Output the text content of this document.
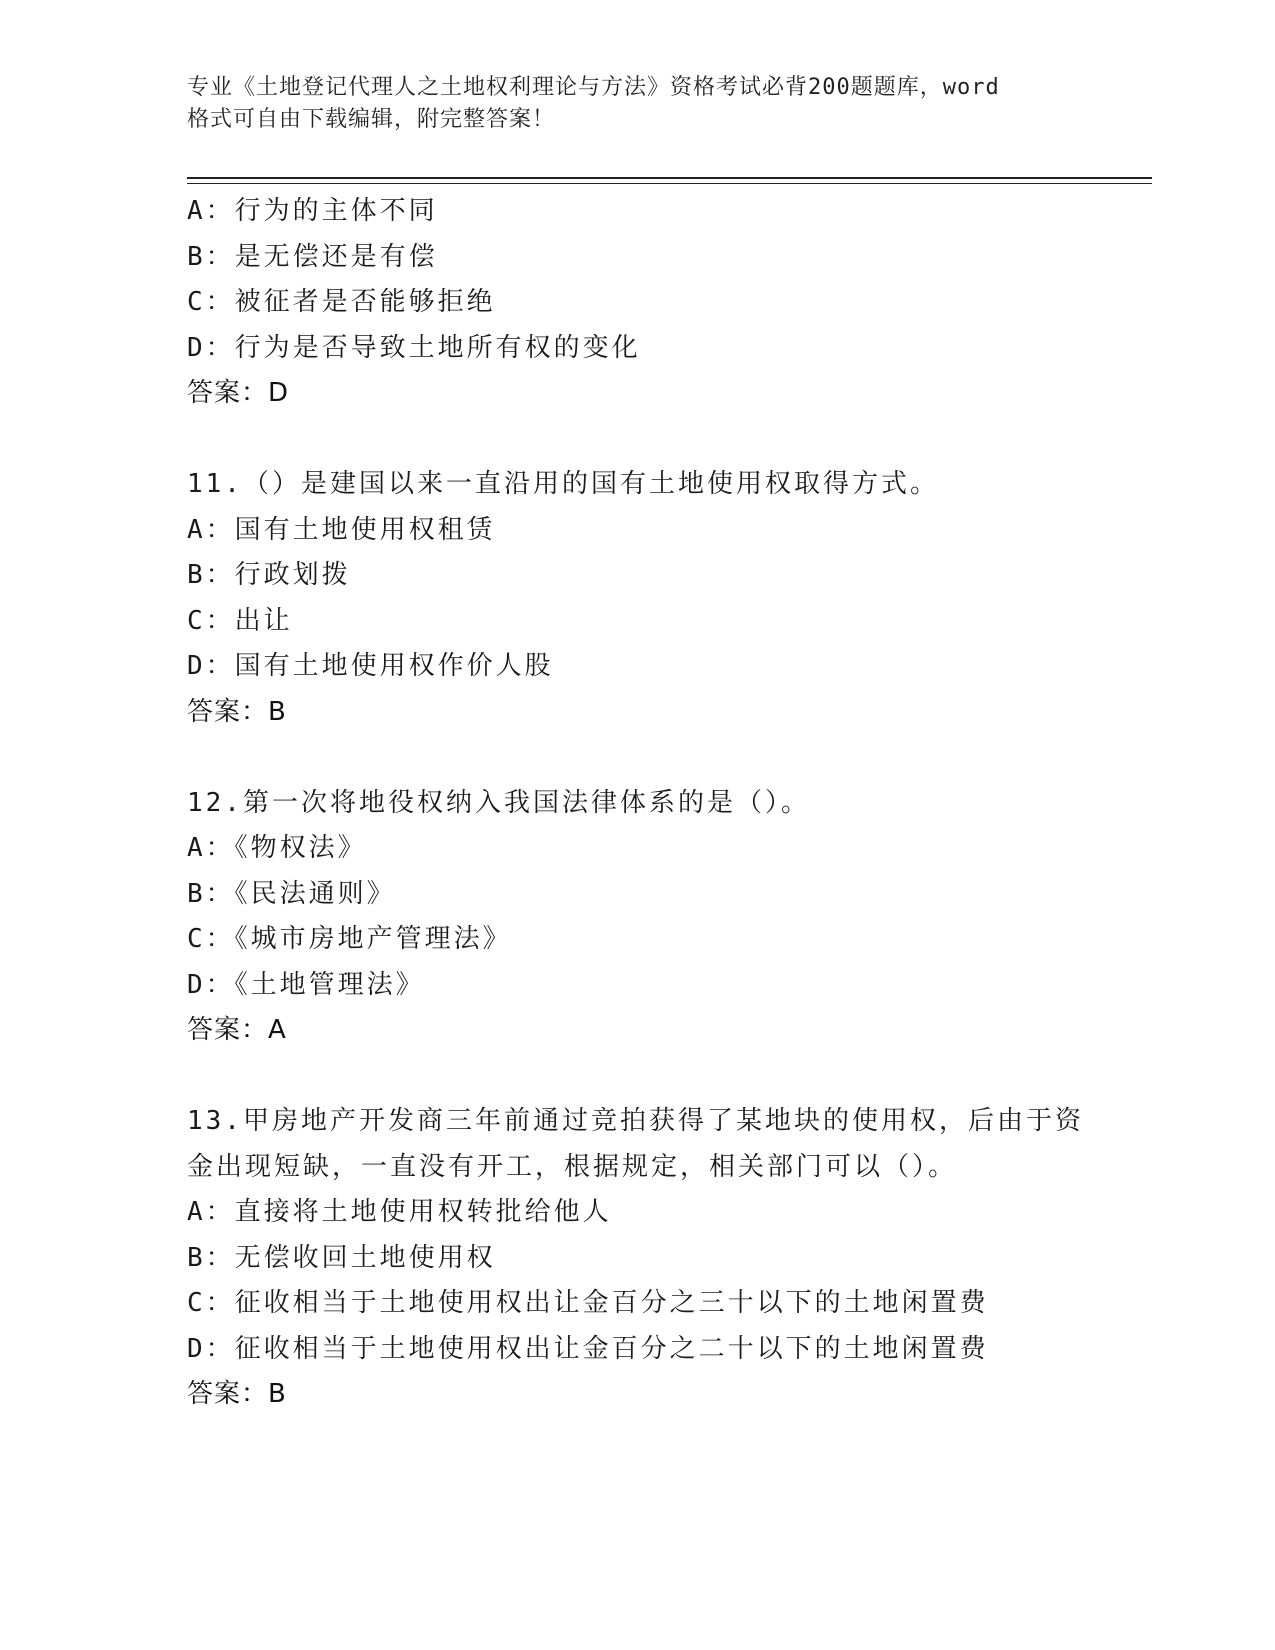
专业《土地登记代理人之土地权利理论与方法》资格考试必背200题题库，word
格式可自由下载编辑，附完整答案！
A：行为的主体不同
B：是无偿还是有偿
C：被征者是否能够拒绝
D：行为是否导致土地所有权的变化
答案：D
11.（）是建国以来一直沿用的国有土地使用权取得方式。
A：国有土地使用权租赁
B：行政划拨
C：出让
D：国有土地使用权作价人股
答案：B
12.第一次将地役权纳入我国法律体系的是（）。
A：《物权法》
B：《民法通则》
C：《城市房地产管理法》
D：《土地管理法》
答案：A
13.甲房地产开发商三年前通过竞拍获得了某地块的使用权，后由于资
金出现短缺，一直没有开工，根据规定，相关部门可以（）。
A：直接将土地使用权转批给他人
B：无偿收回土地使用权
C：征收相当于土地使用权出让金百分之三十以下的土地闲置费
D：征收相当于土地使用权出让金百分之二十以下的土地闲置费
答案：B
